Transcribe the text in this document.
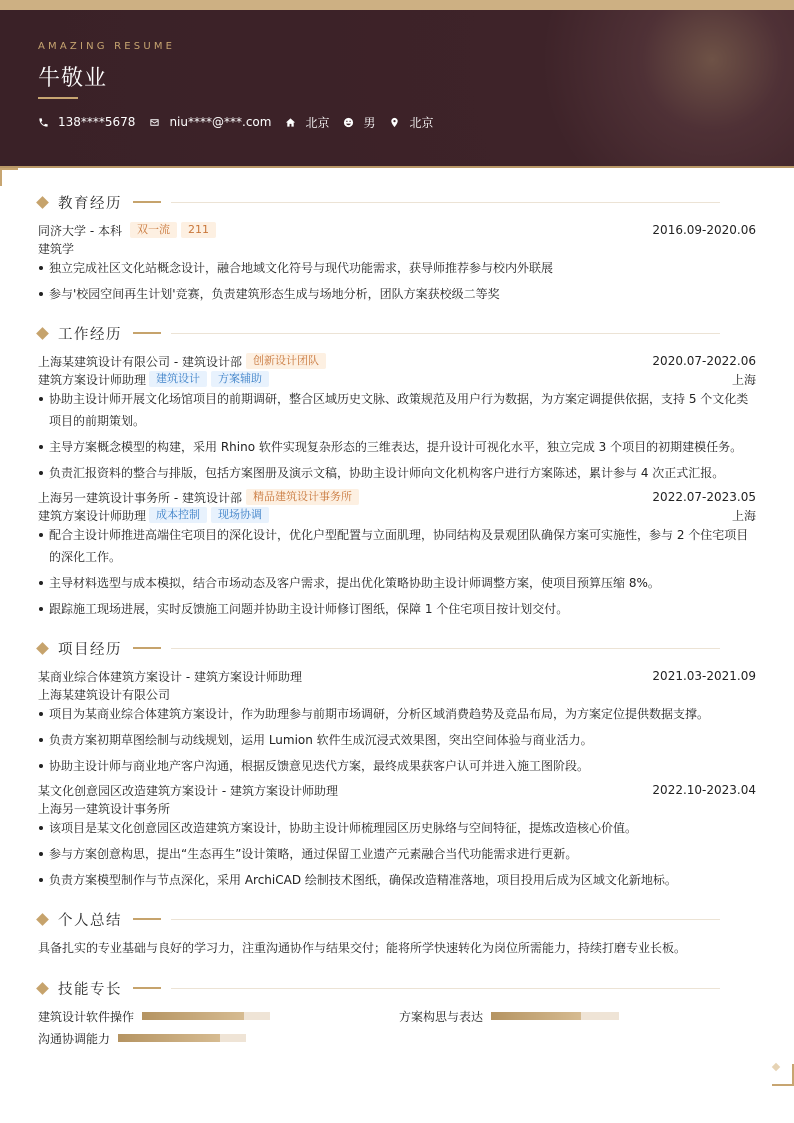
AMAZING RESUME
牛敬业
138****5678	niu****@***.com	北京	男	北京
教育经历
同济大学 - 本科	双一流	211	2016.09-2020.06
建筑学
独立完成社区文化站概念设计，融合地域文化符号与现代功能需求，获导师推荐参与校内外联展
参与'校园空间再生计划'竞赛，负责建筑形态生成与场地分析，团队方案获校级二等奖
工作经历
上海某建筑设计有限公司 - 建筑设计部	创新设计团队	2020.07-2022.06
建筑方案设计师助理 建筑设计	方案辅助	上海
协助主设计师开展文化场馆项目的前期调研，整合区域历史文脉、政策规范及用户行为数据，为方案定调提供依据，支持 5 个文化类项目的前期策划。
主导方案概念模型的构建，采用 Rhino 软件实现复杂形态的三维表达，提升设计可视化水平，独立完成 3 个项目的初期建模任务。
负责汇报资料的整合与排版，包括方案图册及演示文稿，协助主设计师向文化机构客户进行方案陈述，累计参与 4 次正式汇报。
上海另一建筑设计事务所 - 建筑设计部	精品建筑设计事务所	2022.07-2023.05
建筑方案设计师助理 成本控制	现场协调	上海
配合主设计师推进高端住宅项目的深化设计，优化户型配置与立面肌理，协同结构及景观团队确保方案可实施性，参与 2 个住宅项目的深化工作。
主导材料选型与成本模拟，结合市场动态及客户需求，提出优化策略协助主设计师调整方案，使项目预算压缩 8%。
跟踪施工现场进展，实时反馈施工问题并协助主设计师修订图纸，保障 1 个住宅项目按计划交付。
项目经历
某商业综合体建筑方案设计 - 建筑方案设计师助理	2021.03-2021.09
上海某建筑设计有限公司
项目为某商业综合体建筑方案设计，作为助理参与前期市场调研，分析区域消费趋势及竞品布局，为方案定位提供数据支撑。
负责方案初期草图绘制与动线规划，运用 Lumion 软件生成沉浸式效果图，突出空间体验与商业活力。
协助主设计师与商业地产客户沟通，根据反馈意见迭代方案，最终成果获客户认可并进入施工图阶段。
某文化创意园区改造建筑方案设计 - 建筑方案设计师助理	2022.10-2023.04
上海另一建筑设计事务所
该项目是某文化创意园区改造建筑方案设计，协助主设计师梳理园区历史脉络与空间特征，提炼改造核心价值。
参与方案创意构思，提出“生态再生”设计策略，通过保留工业遗产元素融合当代功能需求进行更新。
负责方案模型制作与节点深化，采用 ArchiCAD 绘制技术图纸，确保改造精准落地，项目投用后成为区域文化新地标。
个人总结
具备扎实的专业基础与良好的学习力，注重沟通协作与结果交付；能将所学快速转化为岗位所需能力，持续打磨专业长板。
技能专长
建筑设计软件操作	方案构思与表达
沟通协调能力
